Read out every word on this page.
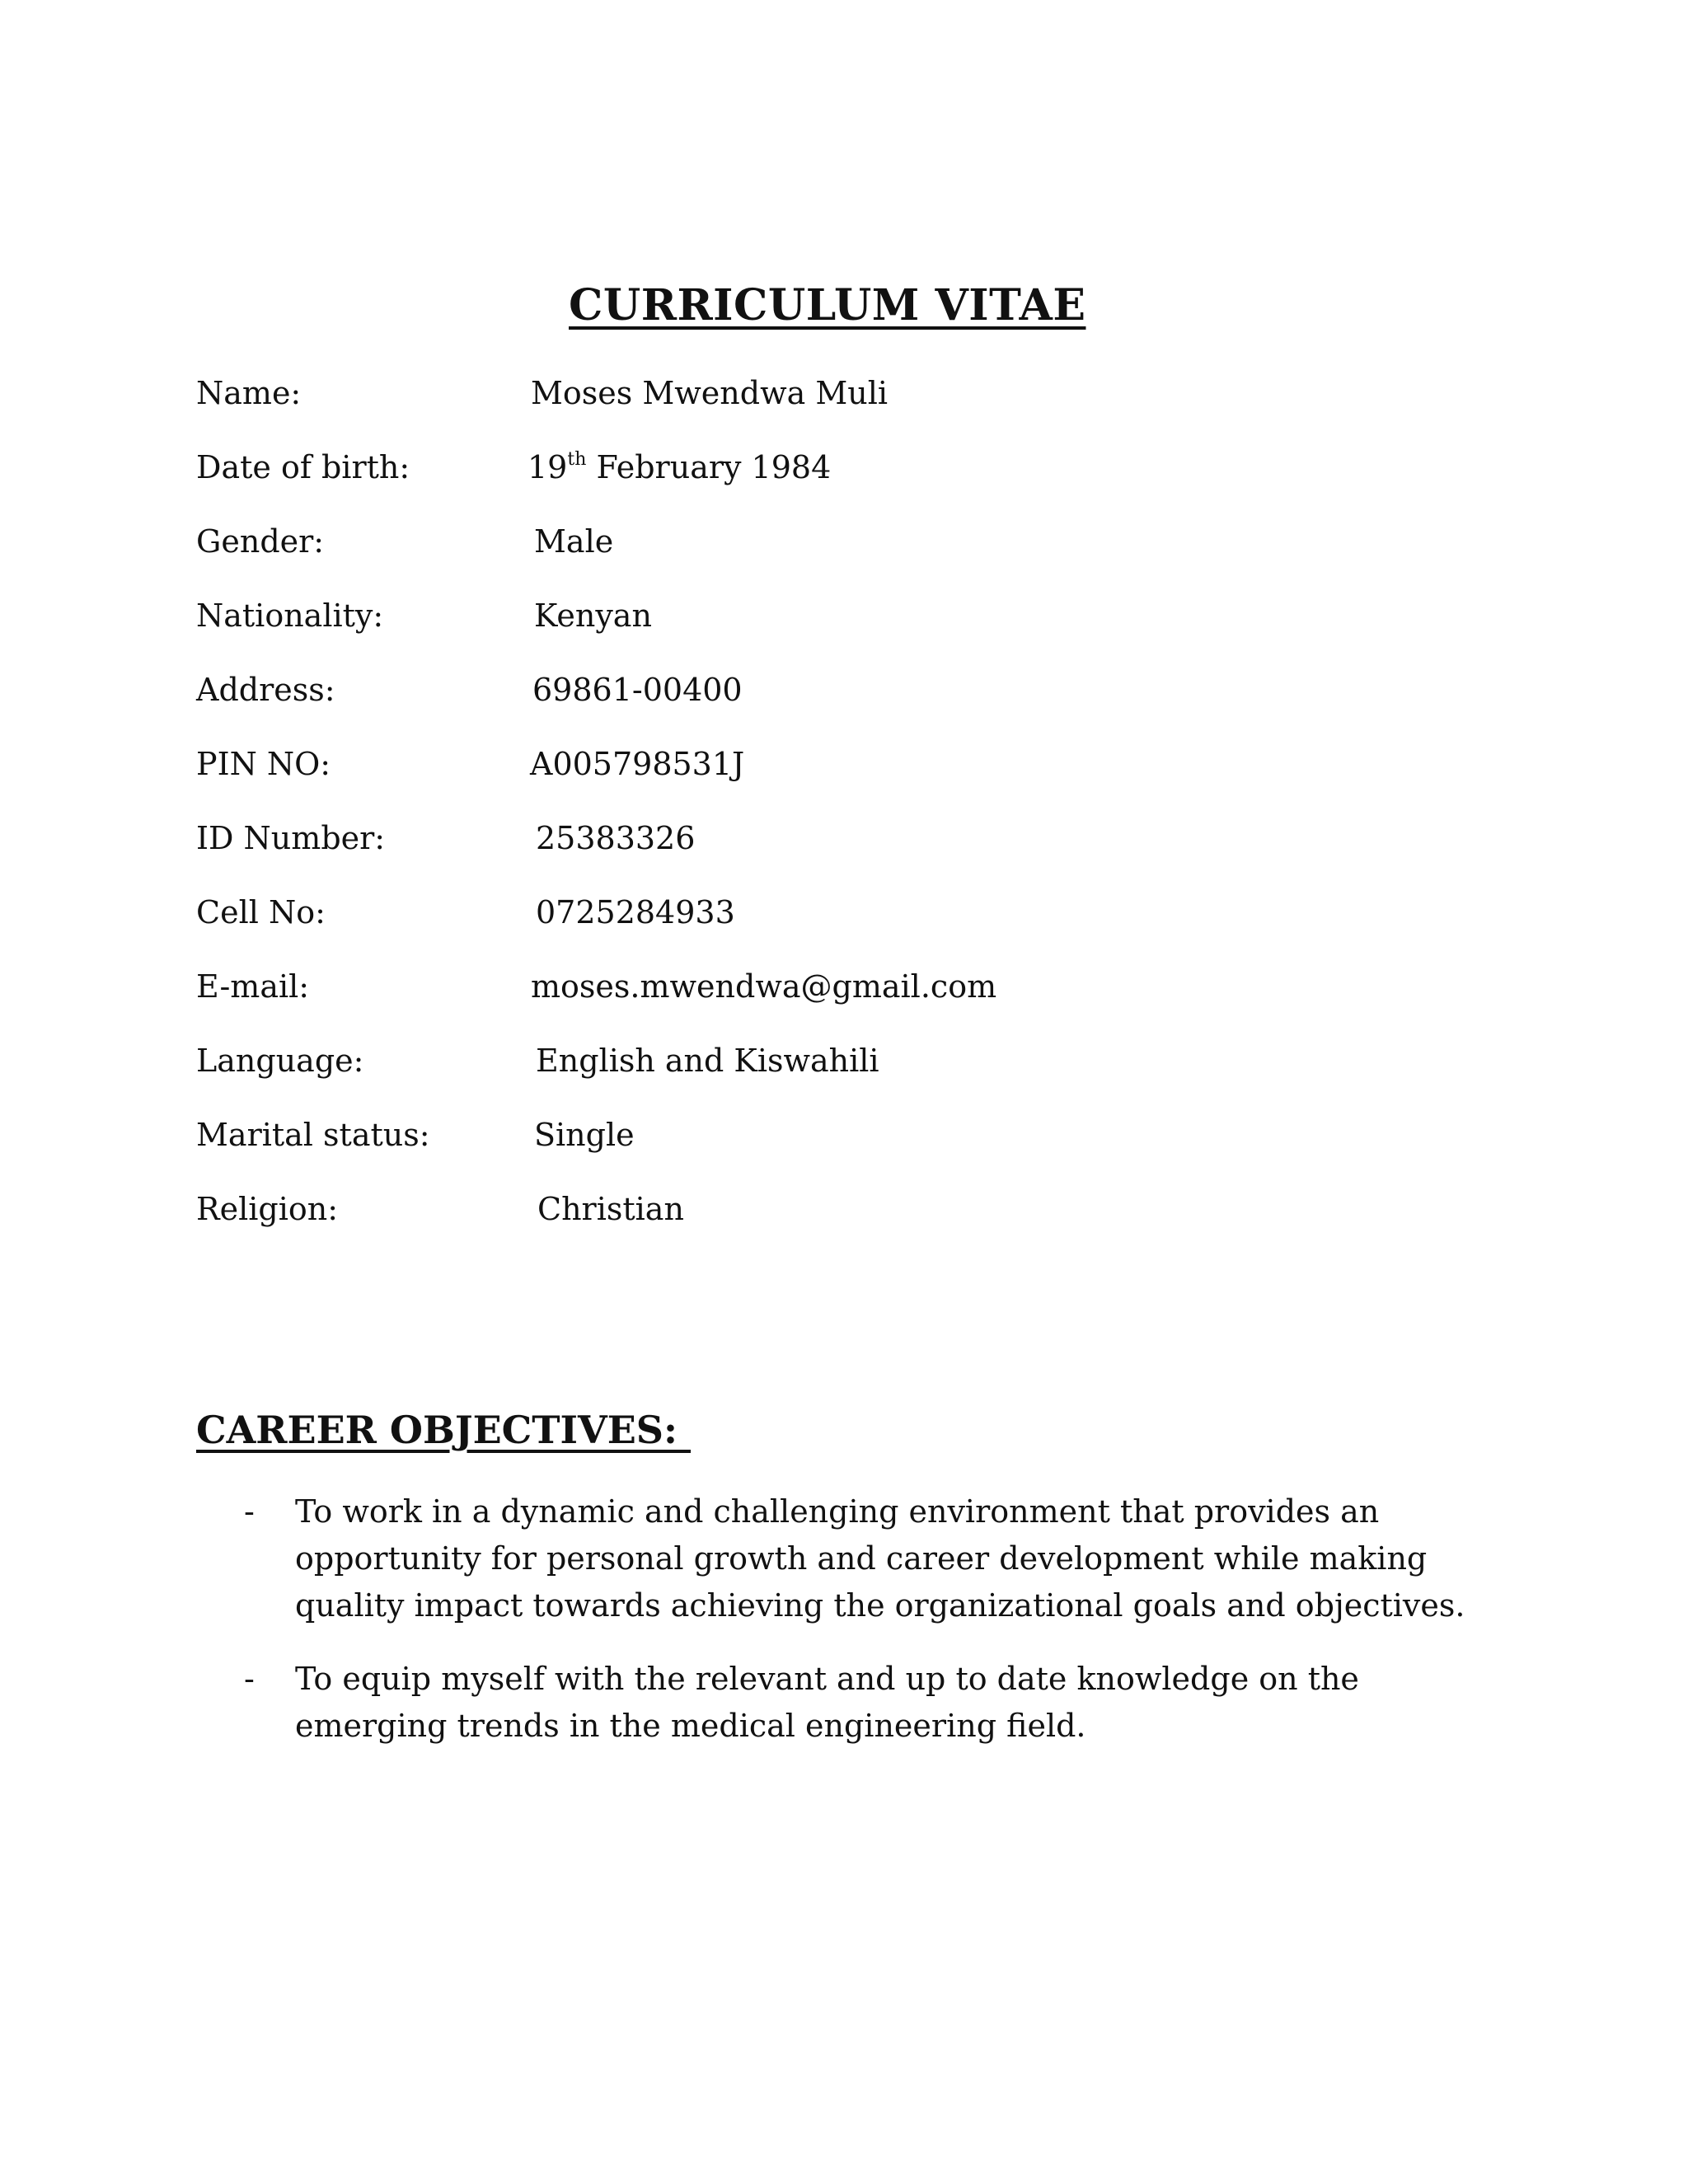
CURRICULUM VITAE
Name:	Moses Mwendwa Muli
Date of birth:	19th February 1984
Gender:	Male
Nationality:	Kenyan
Address:	69861-00400
PIN NO:	A005798531J
ID Number:	25383326
Cell No:	0725284933
E-mail:	moses.mwendwa@gmail.com
Language:	English and Kiswahili
Marital status:	Single
Religion:	Christian
CAREER OBJECTIVES:
- To work in a dynamic and challenging environment that provides an opportunity for personal growth and career development while making quality impact towards achieving the organizational goals and objectives.
- To equip myself with the relevant and up to date knowledge on the emerging trends in the medical engineering field.
